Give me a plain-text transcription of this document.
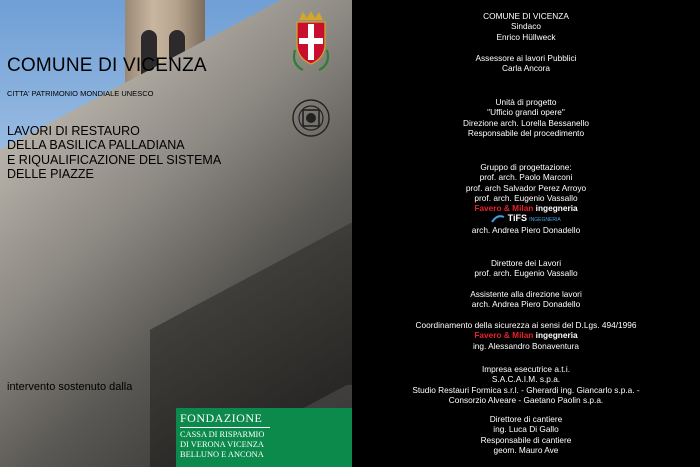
COMUNE DI VICENZA
CITTA' PATRIMONIO MONDIALE UNESCO
LAVORI DI RESTAURO
DELLA BASILICA PALLADIANA
E RIQUALIFICAZIONE DEL SISTEMA
DELLE PIAZZE
intervento sostenuto dalla
FONDAZIONE
CASSA DI RISPARMIO
DI VERONA VICENZA
BELLUNO E ANCONA
COMUNE DI VICENZA
Sindaco
Enrico Hüllweck
Assessore ai lavori Pubblici
Carla Ancora
Unità di progetto
"Ufficio grandi opere"
Direzione arch. Lorella Bessanello
Responsabile del procedimento
Gruppo di progettazione:
prof. arch. Paolo Marconi
prof. arch Salvador Perez Arroyo
prof. arch. Eugenio Vassallo
Favero & Milan ingegneria
TiFS INGEGNERIA
arch. Andrea Piero Donadello
Direttore dei Lavori
prof. arch. Eugenio Vassallo
Assistente alla direzione lavori
arch. Andrea Piero Donadello
Coordinamento della sicurezza ai sensi del D.Lgs. 494/1996
Favero & Milan ingegneria
ing. Alessandro Bonaventura
Impresa esecutrice a.t.i.
S.A.C.A.I.M. s.p.a.
Studio Restauri Formica s.r.l. - Gherardi ing. Giancarlo s.p.a. -
Consorzio Alveare - Gaetano Paolin s.p.a.
Direttore di cantiere
ing. Luca Di Gallo
Responsabile di cantiere
geom. Mauro Ave
